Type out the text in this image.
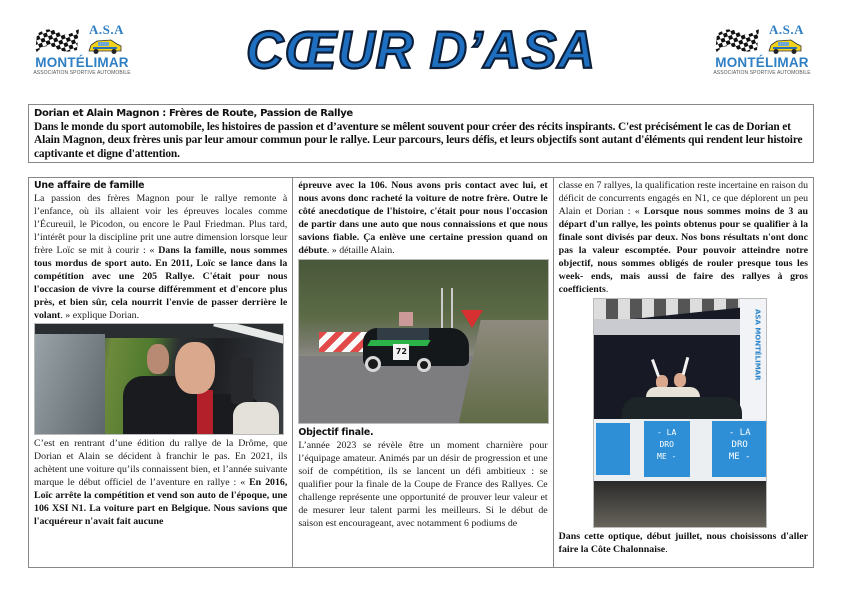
A.S.A
MONTÉLIMAR
ASSOCIATION SPORTIVE AUTOMOBILE CŒUR D’ASA	A.S.A
MONTÉLIMAR
ASSOCIATION SPORTIVE AUTOMOBILE
Dorian et Alain Magnon : Frères de Route, Passion de Rallye
Dans le monde du sport automobile, les histoires de passion et d’aventure se mêlent souvent pour créer des récits inspirants. C'est précisément le cas de Dorian et Alain Magnon, deux frères unis par leur amour commun pour le rallye. Leur parcours, leurs défis, et leurs objectifs sont autant d'éléments qui rendent leur histoire captivante et digne d'attention.
Une affaire de famille

La passion des frères Magnon pour le rallye remonte à l’enfance, où ils allaient voir les épreuves locales comme l’Écureuil, le Picodon, ou encore le Paul Friedman. Plus tard, l’intérêt pour la discipline prit une autre dimension lorsque leur frère Loïc se mit à courir : « Dans la famille, nous sommes tous mordus de sport auto. En 2011, Loïc se lance dans la compétition avec une 205 Rallye. C'était pour nous l'occasion de vivre la course différemment et d'encore plus près, et bien sûr, cela nourrit l'envie de passer derrière le volant. » explique Dorian.

C’est en rentrant d’une édition du rallye de la Drôme, que Dorian et Alain se décident à franchir le pas. En 2021, ils achètent une voiture qu’ils connaissent bien, et l’année suivante marque le début officiel de l’aventure en rallye : « En 2016, Loïc arrête la compétition et vend son auto de l'époque, une 106 XSI N1. La voiture part en Belgique. Nous savions que l'acquéreur n'avait fait aucune

épreuve avec la 106. Nous avons pris contact avec lui, et nous avons donc racheté la voiture de notre frère. Outre le côté anecdotique de l'histoire, c'était pour nous l'occasion de partir dans une auto que nous connaissions et que nous savions fiable. Ça enlève une certaine pression quand on débute. » détaille Alain.

72
Objectif finale.

L’année 2023 se révèle être un moment charnière pour l’équipage amateur. Animés par un désir de progression et une soif de compétition, ils se lancent un défi ambitieux : se qualifier pour la finale de la Coupe de France des Rallyes. Ce challenge représente une opportunité de prouver leur valeur et de mesurer leur talent parmi les meilleurs. Si le début de saison est encourageant, avec notamment 6 podiums de

classe en 7 rallyes, la qualification reste incertaine en raison du déficit de concurrents engagés en N1, ce que déplorent un peu Alain et Dorian : « Lorsque nous sommes moins de 3 au départ d'un rallye, les points obtenus pour se qualifier à la finale sont divisés par deux. Nos bons résultats n'ont donc pas la valeur escomptée. Pour pouvoir atteindre notre objectif, nous sommes obligés de rouler presque tous les week- ends, mais aussi de faire des rallyes à gros coefficients.

ASA MONTÉLIMAR
- LA
DRO
ME -
- LA
DRO
ME -

Dans cette optique, début juillet, nous choisissons d'aller faire la Côte Chalonnaise.
